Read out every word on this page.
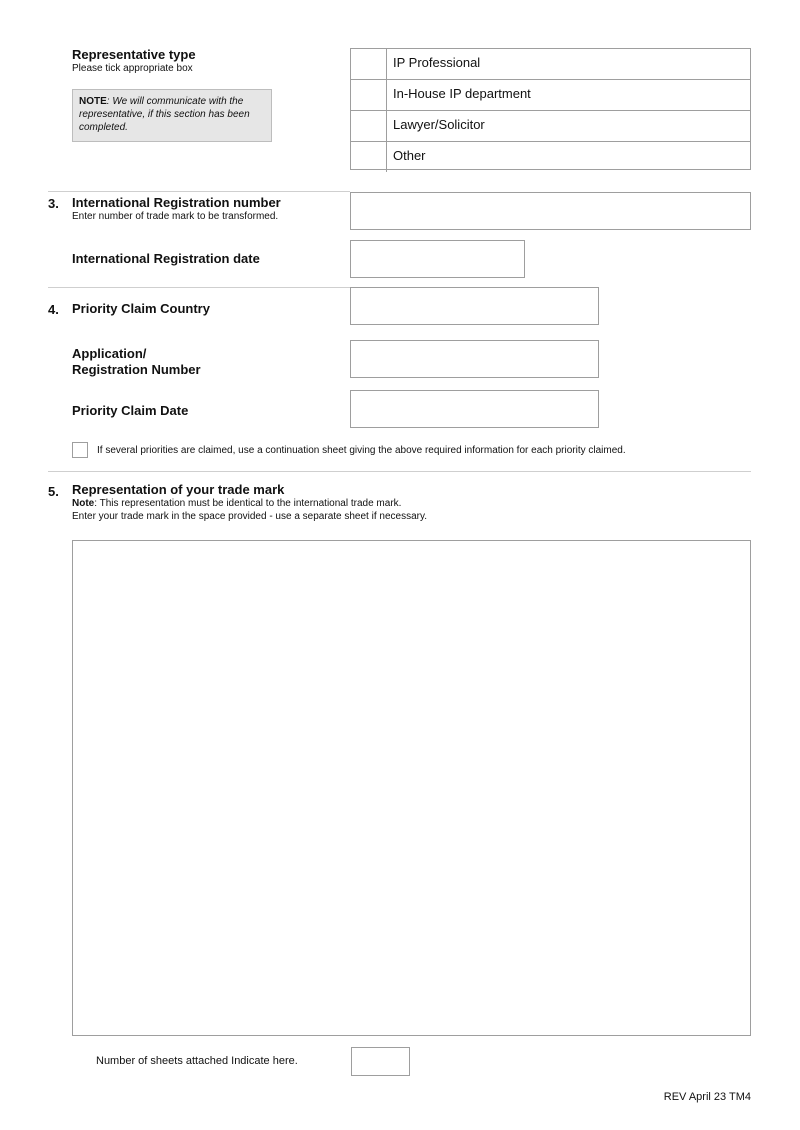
Representative type
Please tick appropriate box
NOTE: We will communicate with the representative, if this section has been completed.
IP Professional
In-House IP department
Lawyer/Solicitor
Other
3. International Registration number
Enter number of trade mark to be transformed.
International Registration date
4. Priority Claim Country
Application/
Registration Number
Priority Claim Date
If several priorities are claimed, use a continuation sheet giving the above required information for each priority claimed.
5. Representation of your trade mark
Note: This representation must be identical to the international trade mark.
Enter your trade mark in the space provided - use a separate sheet if necessary.
Number of sheets attached Indicate here.
REV April 23 TM4
